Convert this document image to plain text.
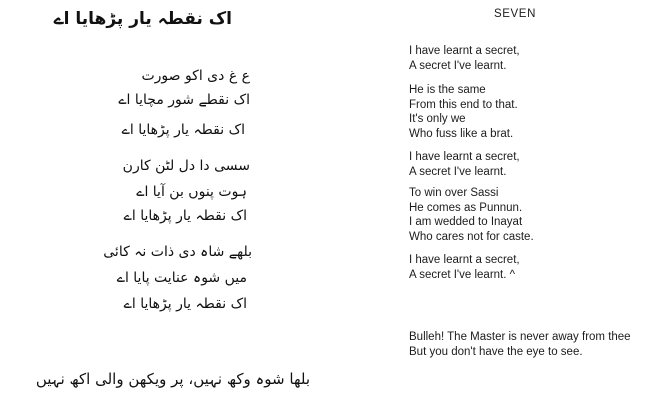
اک نقطہ یار پڑھایا اے
ع غ دی اکو صورت
اک نقطے شور مچایا اے
اک نقطہ یار پڑھایا اے
سسی دا دل لٹن کارن
ہوت پنوں بن آیا اے
اک نقطہ یار پڑھایا اے
بلھے شاہ دی ذات نہ کائی
میں شوہ عنایت پایا اے
اک نقطہ یار پڑھایا اے
بلھا شوہ وکھ نہیں، پر ویکھن والی اکھ نہیں
SEVEN
I have learnt a secret,
A secret I've learnt.
He is the same
From this end to that.
It's only we
Who fuss like a brat.
I have learnt a secret,
A secret I've learnt.
To win over Sassi
He comes as Punnun.
I am wedded to Inayat
Who cares not for caste.
I have learnt a secret,
A secret I've learnt. ^
Bulleh! The Master is never away from thee
But you don't have the eye to see.
